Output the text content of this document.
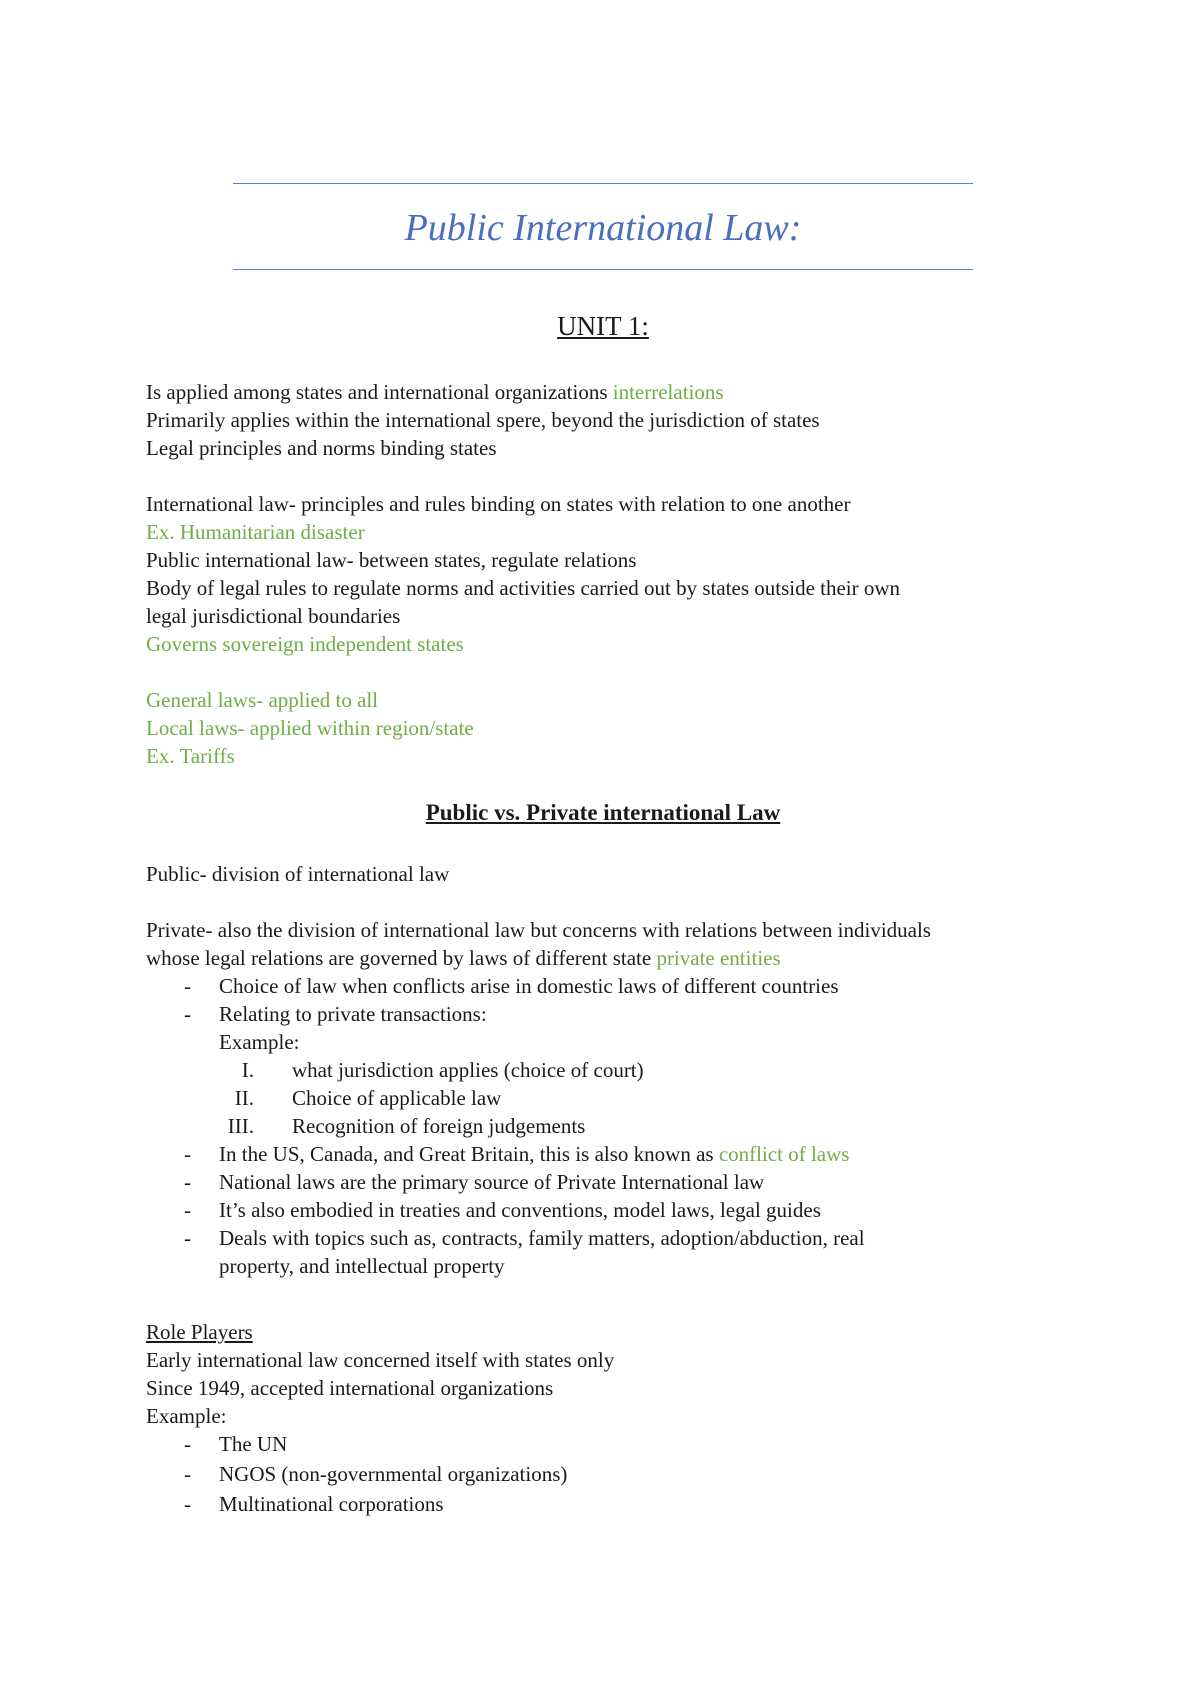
Public International Law:
UNIT 1:

Is applied among states and international organizations interrelations

Primarily applies within the international spere, beyond the jurisdiction of states

Legal principles and norms binding states

International law- principles and rules binding on states with relation to one another

Ex. Humanitarian disaster

Public international law- between states, regulate relations

Body of legal rules to regulate norms and activities carried out by states outside their own

legal jurisdictional boundaries

Governs sovereign independent states

General laws- applied to all

Local laws- applied within region/state

Ex. Tariffs

Public vs. Private international Law

Public- division of international law

Private- also the division of international law but concerns with relations between individuals

whose legal relations are governed by laws of different state private entities

- Choice of law when conflicts arise in domestic laws of different countries
- Relating to private transactions:
Example:
I. what jurisdiction applies (choice of court)
II. Choice of applicable law
III. Recognition of foreign judgements
- In the US, Canada, and Great Britain, this is also known as conflict of laws
- National laws are the primary source of Private International law
- It’s also embodied in treaties and conventions, model laws, legal guides
- Deals with topics such as, contracts, family matters, adoption/abduction, real
property, and intellectual property

Role Players

Early international law concerned itself with states only

Since 1949, accepted international organizations

Example:

- The UN
- NGOS (non-governmental organizations)
- Multinational corporations
